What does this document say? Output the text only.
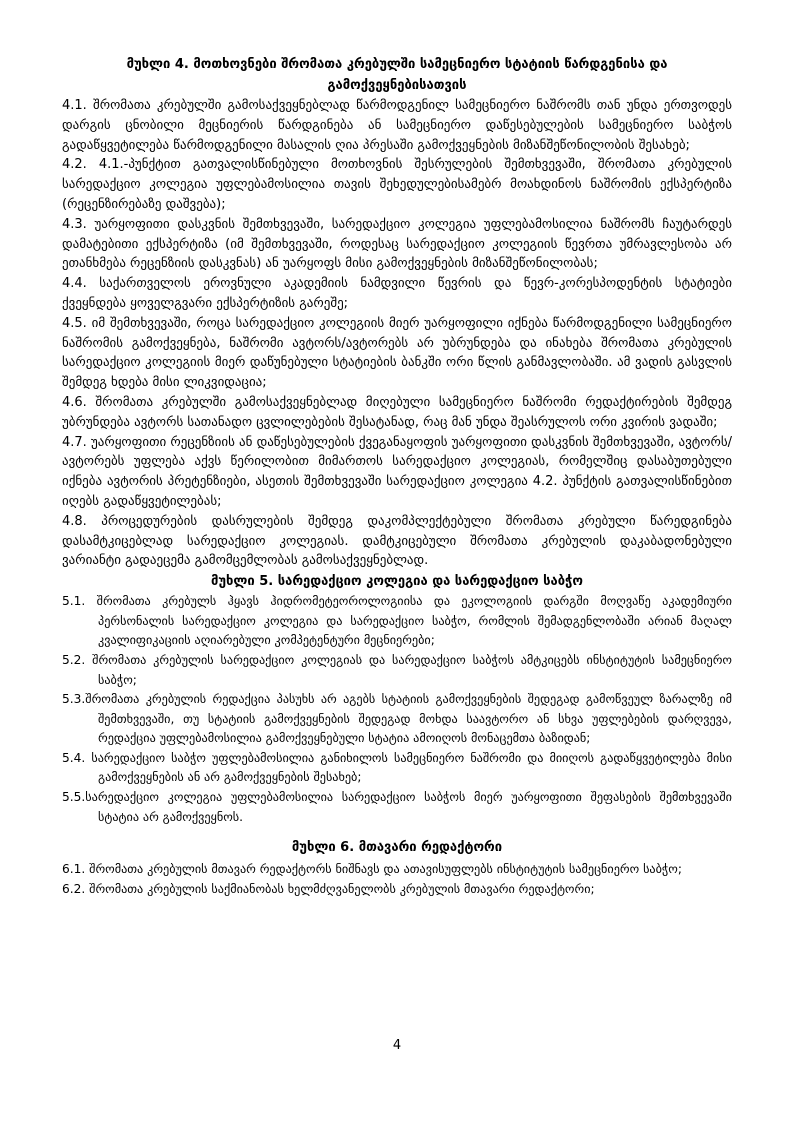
მუხლი 4. მოთხოვნები შრომათა კრებულში სამეცნიერო სტატიის წარდგენისა და გამოქვეყნებისათვის

4.1. შრომათა კრებულში გამოსაქვეყნებლად წარმოდგენილ სამეცნიერო ნაშრომს თან უნდა ერთვოდეს დარგის ცნობილი მეცნიერის წარდგინება ან სამეცნიერო დაწესებულების სამეცნიერო საბჭოს გადაწყვეტილება წარმოდგენილი მასალის ღია პრესაში გამოქვეყნების მიზანშეწონილობის შესახებ;

4.2. 4.1.-პუნქტით გათვალისწინებული მოთხოვნის შესრულების შემთხვევაში, შრომათა კრებულის სარედაქციო კოლეგია უფლებამოსილია თავის შეხედულებისამებრ მოახდინოს ნაშრომის ექსპერტიზა (რეცენზირებაზე დაშვება);

4.3. უარყოფითი დასკვნის შემთხვევაში, სარედაქციო კოლეგია უფლებამოსილია ნაშრომს ჩაუტარდეს დამატებითი ექსპერტიზა (იმ შემთხვევაში, როდესაც სარედაქციო კოლეგიის წევრთა უმრავლესობა არ ეთანხმება რეცენზიის დასკვნას) ან უარყოფს მისი გამოქვეყნების მიზანშეწონილობას;

4.4. საქართველოს ეროვნული აკადემიის ნამდვილი წევრის და წევრ-კორესპოდენტის სტატიები ქვეყნდება ყოველგვარი ექსპერტიზის გარეშე;

4.5. იმ შემთხვევაში, როცა სარედაქციო კოლეგიის მიერ უარყოფილი იქნება წარმოდგენილი სამეცნიერო ნაშრომის გამოქვეყნება, ნაშრომი ავტორს/ავტორებს არ უბრუნდება და ინახება შრომათა კრებულის სარედაქციო კოლეგიის მიერ დაწუნებული სტატიების ბანკში ორი წლის განმავლობაში. ამ ვადის გასვლის შემდეგ ხდება მისი ლიკვიდაცია;

4.6. შრომათა კრებულში გამოსაქვეყნებლად მიღებული სამეცნიერო ნაშრომი რედაქტირების შემდეგ უბრუნდება ავტორს სათანადო ცვლილებების შესატანად, რაც მან უნდა შეასრულოს ორი კვირის ვადაში;

4.7. უარყოფითი რეცენზიის ან დაწესებულების ქვეგანაყოფის უარყოფითი დასკვნის შემთხვევაში, ავტორს/ავტორებს უფლება აქვს წერილობით მიმართოს სარედაქციო კოლეგიას, რომელშიც დასაბუთებული იქნება ავტორის პრეტენზიები, ასეთის შემთხვევაში სარედაქციო კოლეგია 4.2. პუნქტის გათვალისწინებით იღებს გადაწყვეტილებას;

4.8. პროცედურების დასრულების შემდეგ დაკომპლექტებული შრომათა კრებული წარედგინება დასამტკიცებლად სარედაქციო კოლეგიას. დამტკიცებული შრომათა კრებულის დაკაბადონებული ვარიანტი გადაეცემა გამომცემლობას გამოსაქვეყნებლად.

მუხლი 5. სარედაქციო კოლეგია და სარედაქციო საბჭო

5.1. შრომათა კრებულს ჰყავს ჰიდრომეტეოროლოგიისა და ეკოლოგიის დარგში მოღვაწე აკადემიური პერსონალის სარედაქციო კოლეგია და სარედაქციო საბჭო, რომლის შემადგენლობაში არიან მაღალ კვალიფიკაციის აღიარებული კომპეტენტური მეცნიერები;

5.2. შრომათა კრებულის სარედაქციო კოლეგიას და სარედაქციო საბჭოს ამტკიცებს ინსტიტუტის სამეცნიერო საბჭო;

5.3.შრომათა კრებულის რედაქცია პასუხს არ აგებს სტატიის გამოქვეყნების შედეგად გამოწვეულ ზარალზე იმ შემთხვევაში, თუ სტატიის გამოქვეყნების შედეგად მოხდა საავტორო ან სხვა უფლებების დარღვევა, რედაქცია უფლებამოსილია გამოქვეყნებული სტატია ამოიღოს მონაცემთა ბაზიდან;

5.4. სარედაქციო საბჭო უფლებამოსილია განიხილოს სამეცნიერო ნაშრომი და მიიღოს გადაწყვეტილება მისი გამოქვეყნების ან არ გამოქვეყნების შესახებ;

5.5.სარედაქციო კოლეგია უფლებამოსილია სარედაქციო საბჭოს მიერ უარყოფითი შეფასების შემთხვევაში სტატია არ გამოქვეყნოს.

მუხლი 6. მთავარი რედაქტორი

6.1. შრომათა კრებულის მთავარ რედაქტორს ნიშნავს და ათავისუფლებს ინსტიტუტის სამეცნიერო საბჭო;

6.2. შრომათა კრებულის საქმიანობას ხელმძღვანელობს კრებულის მთავარი რედაქტორი;

4
